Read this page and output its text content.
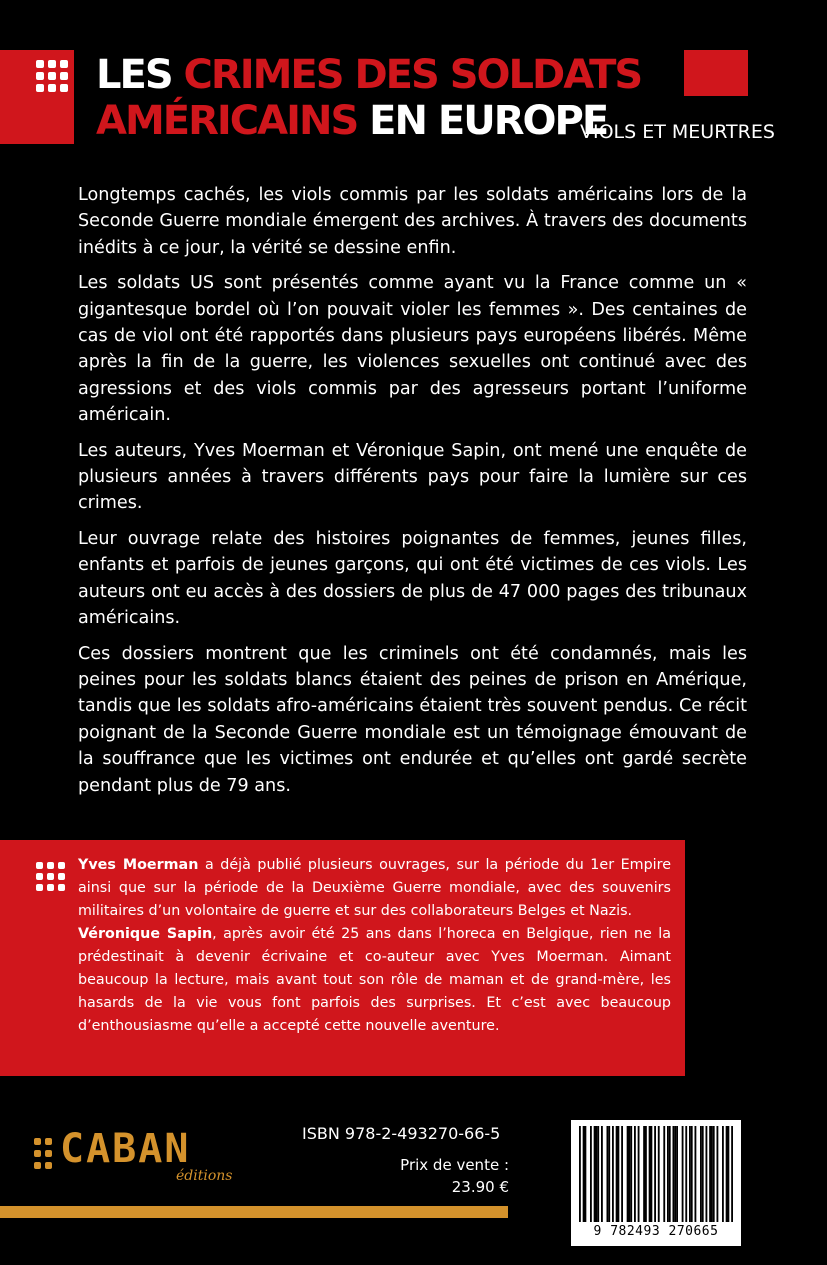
LES CRIMES DES SOLDATS
AMÉRICAINS EN EUROPE
VIOLS ET MEURTRES

Longtemps cachés, les viols commis par les soldats américains lors de la Seconde Guerre mondiale émergent des archives. À travers des documents inédits à ce jour, la vérité se dessine enfin.

Les soldats US sont présentés comme ayant vu la France comme un « gigantesque bordel où l’on pouvait violer les femmes ». Des centaines de cas de viol ont été rapportés dans plusieurs pays européens libérés. Même après la fin de la guerre, les violences sexuelles ont continué avec des agressions et des viols commis par des agresseurs portant l’uniforme américain.

Les auteurs, Yves Moerman et Véronique Sapin, ont mené une enquête de plusieurs années à travers différents pays pour faire la lumière sur ces crimes.

Leur ouvrage relate des histoires poignantes de femmes, jeunes filles, enfants et parfois de jeunes garçons, qui ont été victimes de ces viols. Les auteurs ont eu accès à des dossiers de plus de 47 000 pages des tribunaux américains.

Ces dossiers montrent que les criminels ont été condamnés, mais les peines pour les soldats blancs étaient des peines de prison en Amérique, tandis que les soldats afro-américains étaient très souvent pendus. Ce récit poignant de la Seconde Guerre mondiale est un témoignage émouvant de la souffrance que les victimes ont endurée et qu’elles ont gardé secrète pendant plus de 79 ans.

Yves Moerman a déjà publié plusieurs ouvrages, sur la période du 1er Empire ainsi que sur la période de la Deuxième Guerre mondiale, avec des souvenirs militaires d’un volontaire de guerre et sur des collaborateurs Belges et Nazis.
Véronique Sapin, après avoir été 25 ans dans l’horeca en Belgique, rien ne la prédestinait à devenir écrivaine et co-auteur avec Yves Moerman. Aimant beaucoup la lecture, mais avant tout son rôle de maman et de grand-mère, les hasards de la vie vous font parfois des surprises. Et c’est avec beaucoup d’enthousiasme qu’elle a accepté cette nouvelle aventure.
CABAN
éditions
ISBN 978-2-493270-66-5
Prix de vente :
23.90 €
9 782493 270665
